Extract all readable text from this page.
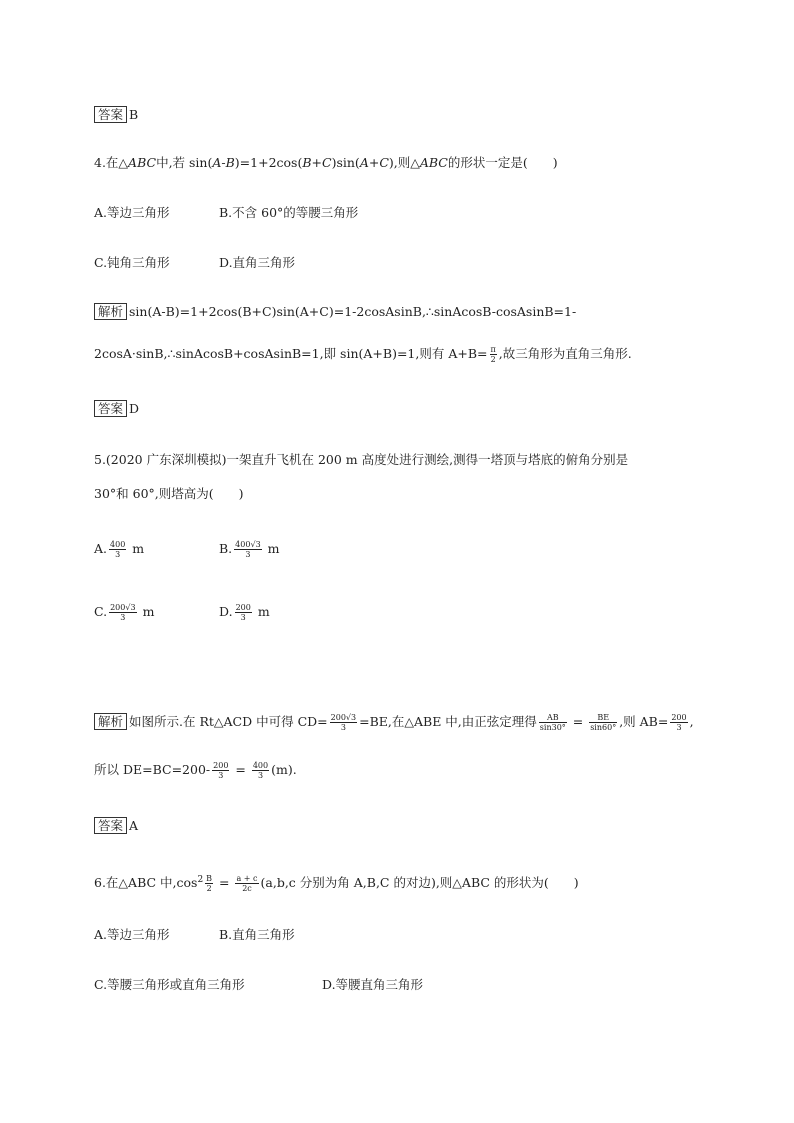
答案 B
4.在△ABC中,若 sin(A-B)=1+2cos(B+C)sin(A+C),则△ABC的形状一定是(　　)
A.等边三角形	B.不含 60°的等腰三角形
C.钝角三角形	D.直角三角形
解析 sin(A-B)=1+2cos(B+C)sin(A+C)=1-2cosAsinB,∴sinAcosB-cosAsinB=1-
2cosA·sinB,∴sinAcosB+cosAsinB=1,即 sin(A+B)=1,则有 $A+B= \frac{\pi}{2}$ ,故三角形为直角三角形.
答案 D
5.(2020 广东深圳模拟)一架直升飞机在 200 m 高度处进行测绘,测得一塔顶与塔底的俯角分别是
30°和 60°,则塔高为(　　)
A. $\frac{400}{3}$ m	B. $\frac{400√3}{3}$ m
C. $\frac{200√3}{3}$ m	D. $\frac{200}{3}$ m
解析 如图所示.在 Rt△ACD 中可得 $CD= \frac{200√3}{3} =BE$,在△ABE 中,由正弦定理得 $\frac{AB}{\sin 30^\circ} = \frac{BE}{\sin 60^\circ}$ ,则 $AB= \frac{200}{3}$ ,
所以 $DE=BC=200- \frac{200}{3} = \frac{400}{3} (m)$.
答案 A
6.在△ABC 中$,\cos^2 \frac{B}{2} = \frac{a + c}{2c} (a,b,c$ 分别为角 A,B,C 的对边),则△ABC 的形状为(　　)
A.等边三角形	B.直角三角形
C.等腰三角形或直角三角形	D.等腰直角三角形
